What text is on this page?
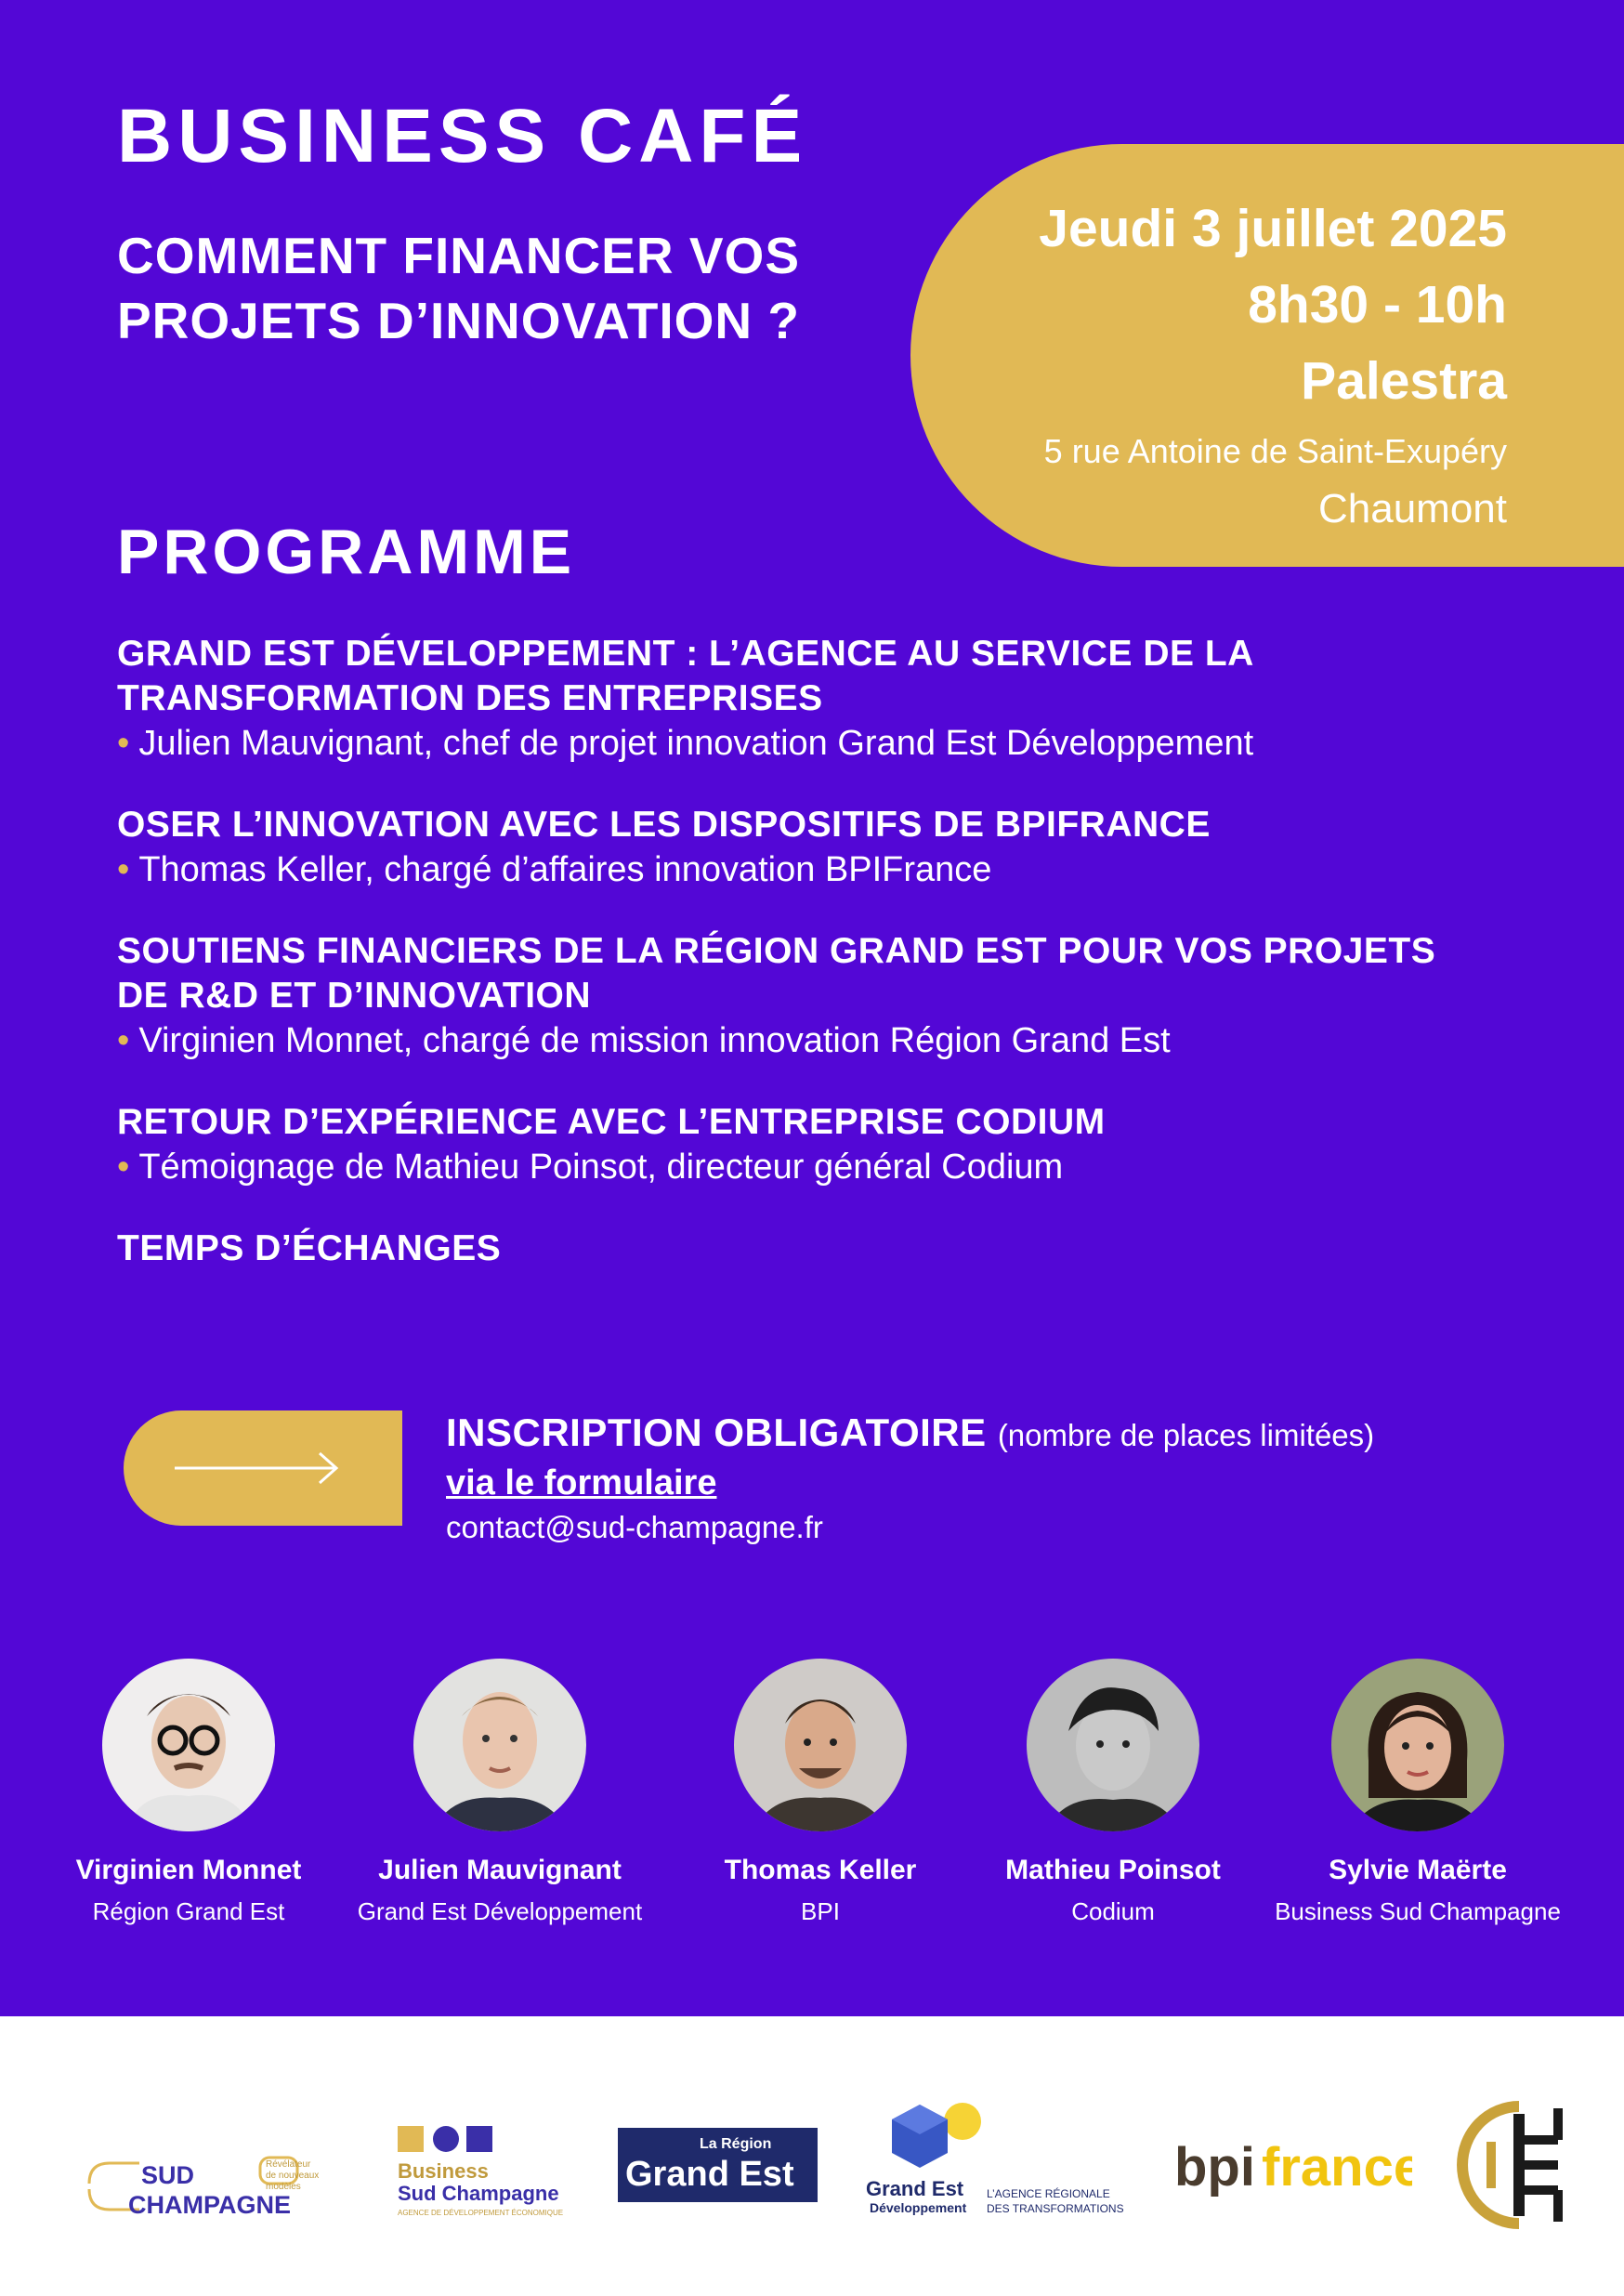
BUSINESS CAFÉ
COMMENT FINANCER VOS
PROJETS D’INNOVATION ?
Jeudi 3 juillet 2025
8h30 - 10h
Palestra
5 rue Antoine de Saint-Exupéry
Chaumont
PROGRAMME
GRAND EST DÉVELOPPEMENT : L’AGENCE AU SERVICE DE LA
TRANSFORMATION DES ENTREPRISES
• Julien Mauvignant, chef de projet innovation Grand Est Développement
OSER L’INNOVATION AVEC LES DISPOSITIFS DE BPIFRANCE
• Thomas Keller, chargé d’affaires innovation BPIFrance
SOUTIENS FINANCIERS DE LA RÉGION GRAND EST POUR VOS PROJETS
DE R&D ET D’INNOVATION
• Virginien Monnet, chargé de mission innovation Région Grand Est
RETOUR D’EXPÉRIENCE AVEC L’ENTREPRISE CODIUM
• Témoignage de Mathieu Poinsot, directeur général Codium
TEMPS D’ÉCHANGES
INSCRIPTION OBLIGATOIRE (nombre de places limitées)
via le formulaire
contact@sud-champagne.fr
Virginien Monnet
Région Grand Est
Julien Mauvignant
Grand Est Développement
Thomas Keller
BPI
Mathieu Poinsot
Codium
Sylvie Maërte
Business Sud Champagne
SUD
CHAMPAGNE
Révélateur
de nouveaux
modèles
Business
Sud Champagne
AGENCE DE DÉVELOPPEMENT ÉCONOMIQUE
La Région
Grand Est	Grand Est
Développement
L’AGENCE RÉGIONALE
DES TRANSFORMATIONS
bpi france
